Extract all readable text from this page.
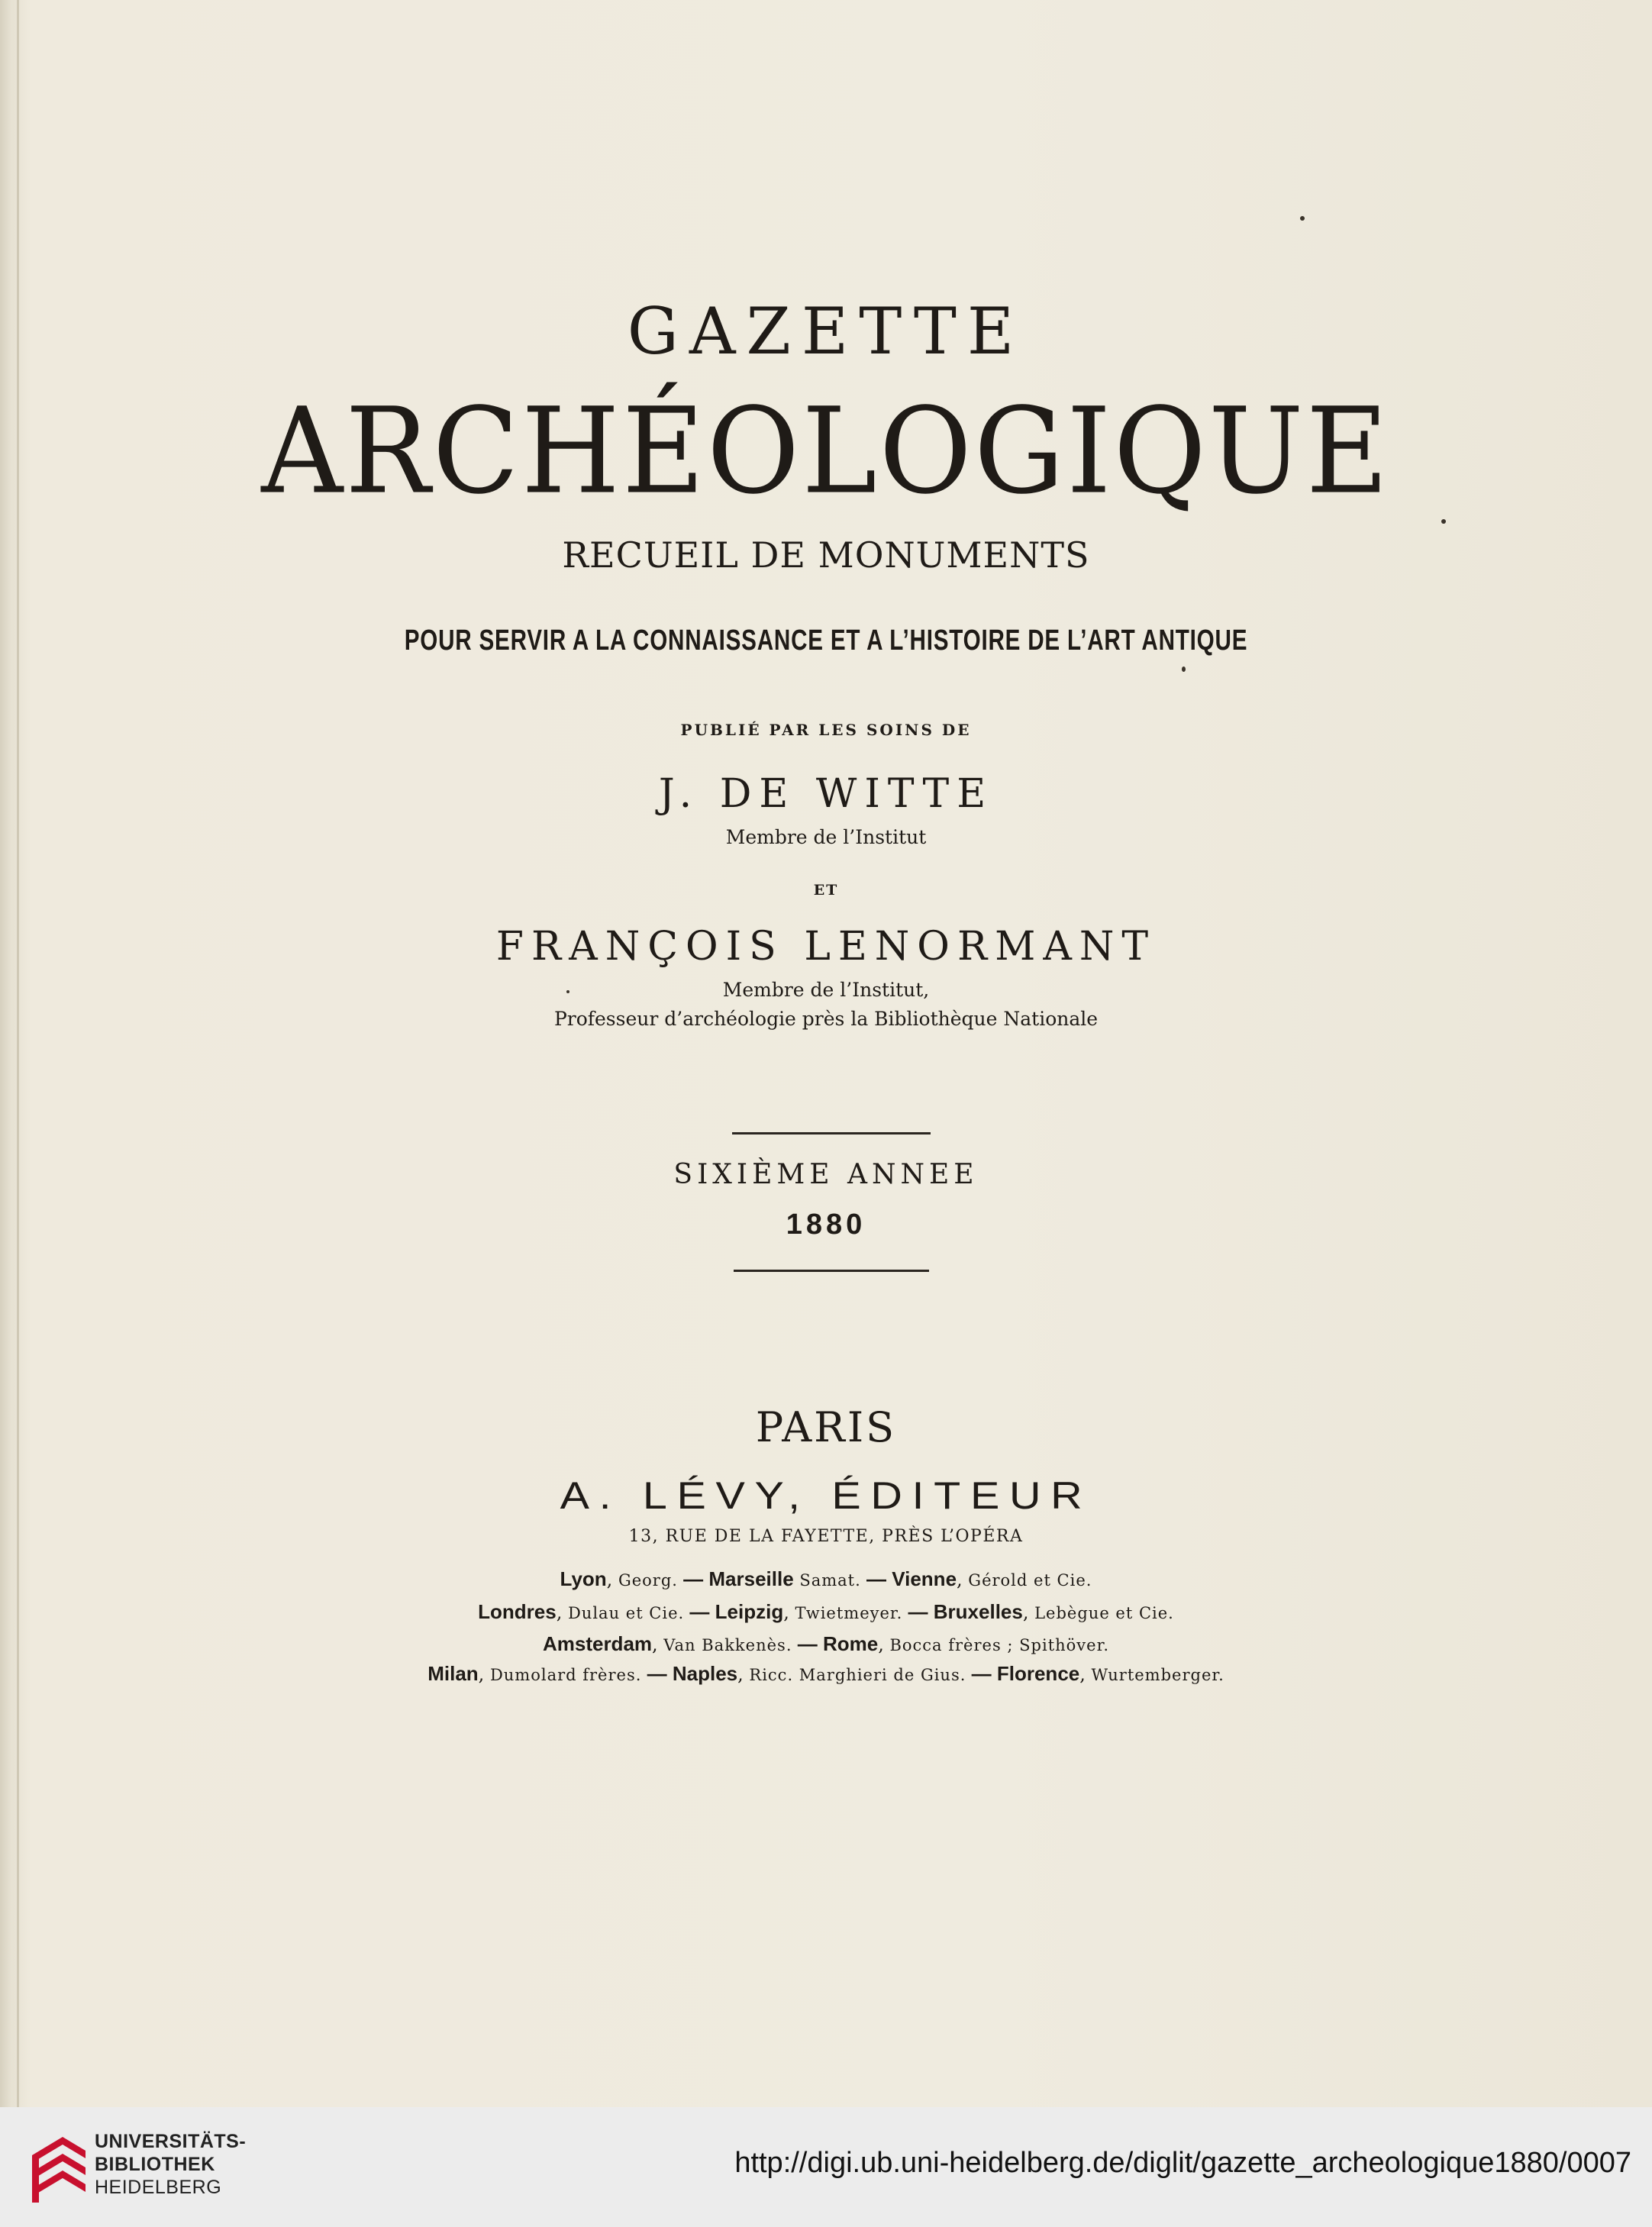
GAZETTE
ARCHÉOLOGIQUE
RECUEIL DE MONUMENTS
POUR SERVIR A LA CONNAISSANCE ET A L’HISTOIRE DE L’ART ANTIQUE
PUBLIÉ PAR LES SOINS DE
J. DE WITTE
Membre de l’Institut
ET
FRANÇOIS LENORMANT
Membre de l’Institut,
Professeur d’archéologie près la Bibliothèque Nationale
SIXIÈME ANNEE
1880
PARIS
A. LÉVY, ÉDITEUR
13, RUE DE LA FAYETTE, PRÈS L’OPÉRA
Lyon, Georg. — Marseille Samat. — Vienne, Gérold et Cie.
Londres, Dulau et Cie. — Leipzig, Twietmeyer. — Bruxelles, Lebègue et Cie.
Amsterdam, Van Bakkenès. — Rome, Bocca frères ; Spithöver.
Milan, Dumolard frères. — Naples, Ricc. Marghieri de Gius. — Florence, Wurtemberger.
UNIVERSITÄTS-
BIBLIOTHEK
HEIDELBERG
http://digi.ub.uni-heidelberg.de/diglit/gazette_archeologique1880/0007
